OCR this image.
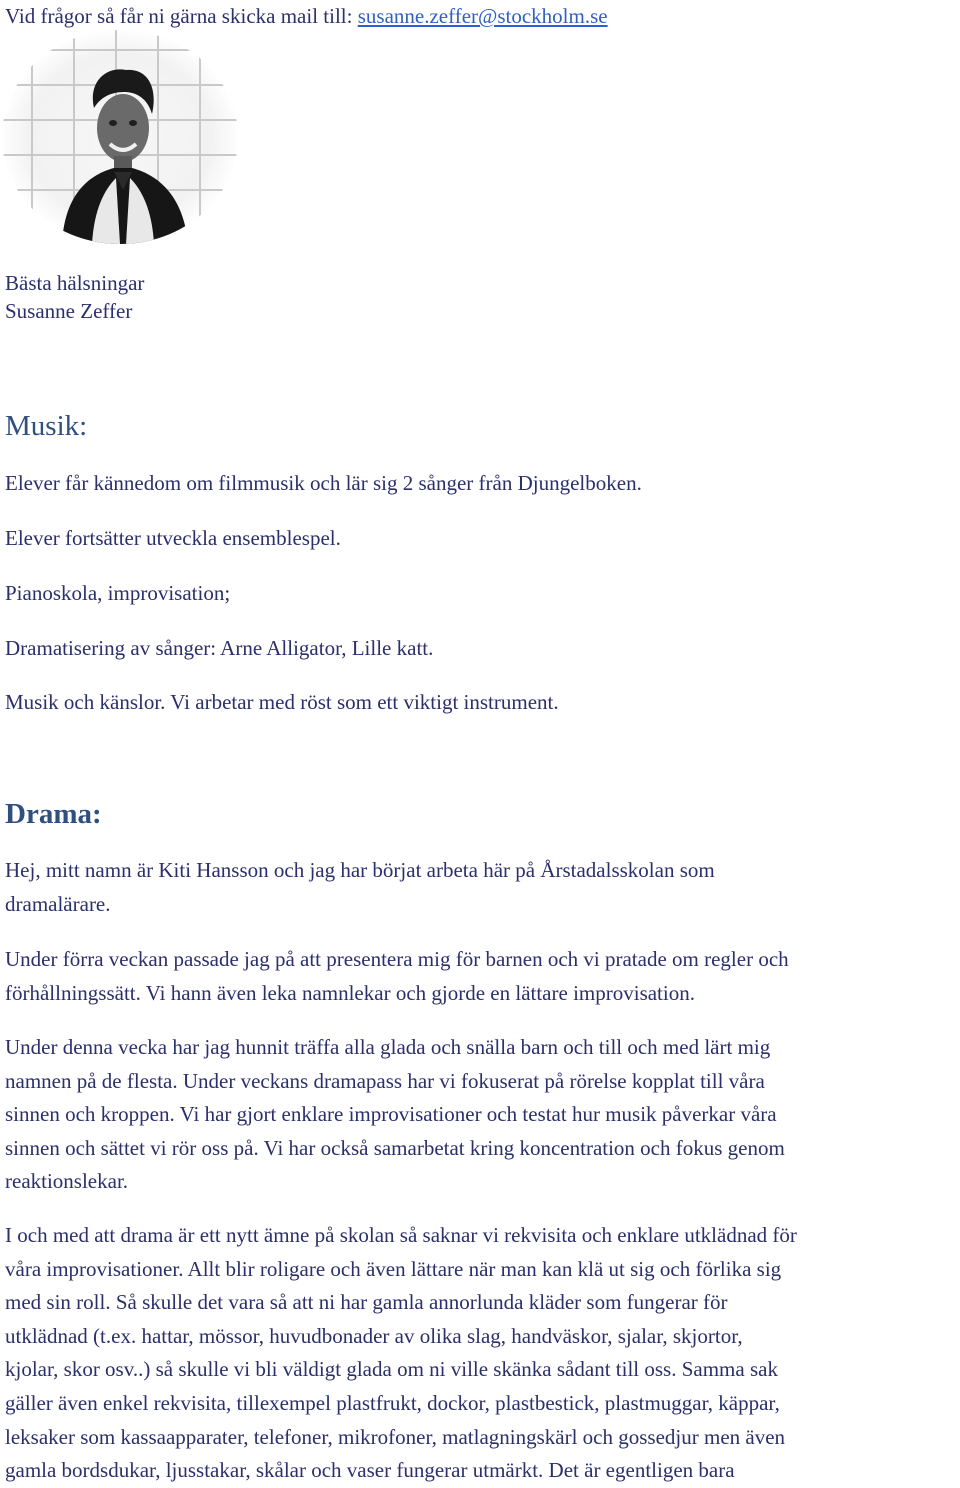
Vid frågor så får ni gärna skicka mail till: susanne.zeffer@stockholm.se

Bästa hälsningar

Susanne Zeffer

Musik:

Elever får kännedom om filmmusik och lär sig 2 sånger från Djungelboken.

Elever fortsätter utveckla ensemblespel.

Pianoskola, improvisation;

Dramatisering av sånger: Arne Alligator, Lille katt.

Musik och känslor. Vi arbetar med röst som ett viktigt instrument.

Drama:
Hej, mitt namn är Kiti Hansson och jag har börjat arbeta här på Årstadalsskolan som
dramalärare.
Under förra veckan passade jag på att presentera mig för barnen och vi pratade om regler och
förhållningssätt. Vi hann även leka namnlekar och gjorde en lättare improvisation.
Under denna vecka har jag hunnit träffa alla glada och snälla barn och till och med lärt mig
namnen på de flesta. Under veckans dramapass har vi fokuserat på rörelse kopplat till våra
sinnen och kroppen. Vi har gjort enklare improvisationer och testat hur musik påverkar våra
sinnen och sättet vi rör oss på. Vi har också samarbetat kring koncentration och fokus genom
reaktionslekar.
I och med att drama är ett nytt ämne på skolan så saknar vi rekvisita och enklare utklädnad för
våra improvisationer. Allt blir roligare och även lättare när man kan klä ut sig och förlika sig
med sin roll. Så skulle det vara så att ni har gamla annorlunda kläder som fungerar för
utklädnad (t.ex. hattar, mössor, huvudbonader av olika slag, handväskor, sjalar, skjortor,
kjolar, skor osv..) så skulle vi bli väldigt glada om ni ville skänka sådant till oss. Samma sak
gäller även enkel rekvisita, tillexempel plastfrukt, dockor, plastbestick, plastmuggar, käppar,
leksaker som kassaapparater, telefoner, mikrofoner, matlagningskärl och gossedjur men även
gamla bordsdukar, ljusstakar, skålar och vaser fungerar utmärkt. Det är egentligen bara
